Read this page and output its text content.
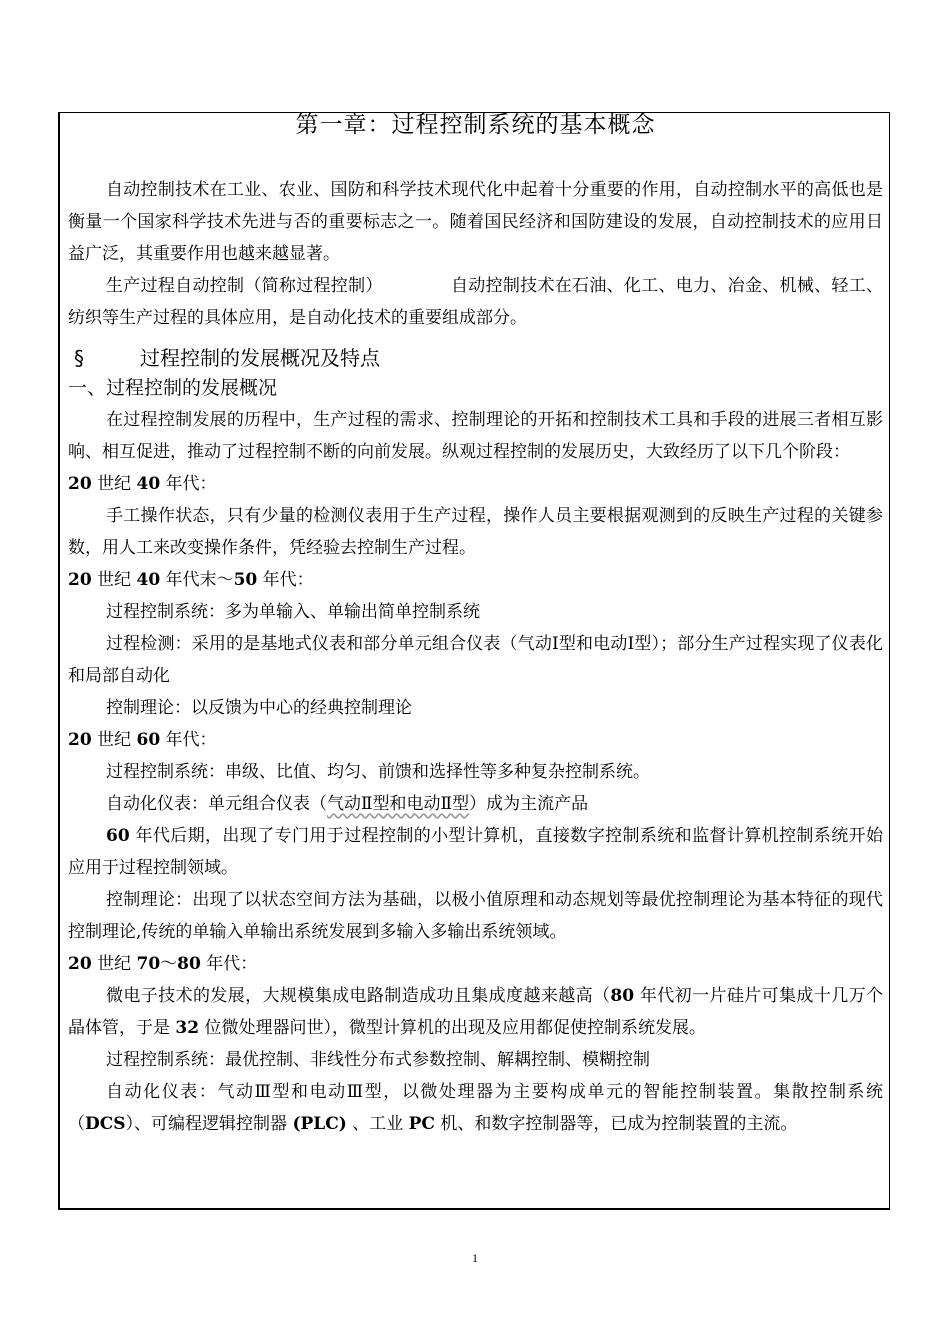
第一章：过程控制系统的基本概念

自动控制技术在工业、农业、国防和科学技术现代化中起着十分重要的作用，自动控制水平的高低也是衡量一个国家科学技术先进与否的重要标志之一。随着国民经济和国防建设的发展，自动控制技术的应用日益广泛，其重要作用也越来越显著。

生产过程自动控制（简称过程控制）	自动控制技术在石油、化工、电力、冶金、机械、轻工、纺织等生产过程的具体应用，是自动化技术的重要组成部分。

§	过程控制的发展概况及特点
一、过程控制的发展概况

在过程控制发展的历程中，生产过程的需求、控制理论的开拓和控制技术工具和手段的进展三者相互影响、相互促进，推动了过程控制不断的向前发展。纵观过程控制的发展历史，大致经历了以下几个阶段：

20 世纪 40 年代：

手工操作状态，只有少量的检测仪表用于生产过程，操作人员主要根据观测到的反映生产过程的关键参数，用人工来改变操作条件，凭经验去控制生产过程。

20 世纪 40 年代末～50 年代：

过程控制系统：多为单输入、单输出简单控制系统

过程检测：采用的是基地式仪表和部分单元组合仪表（气动Ⅰ型和电动Ⅰ型）；部分生产过程实现了仪表化和局部自动化

控制理论：以反馈为中心的经典控制理论

20 世纪 60 年代：

过程控制系统：串级、比值、均匀、前馈和选择性等多种复杂控制系统。

自动化仪表：单元组合仪表（气动Ⅱ型和电动Ⅱ型）成为主流产品

60 年代后期，出现了专门用于过程控制的小型计算机，直接数字控制系统和监督计算机控制系统开始应用于过程控制领域。

控制理论：出现了以状态空间方法为基础，以极小值原理和动态规划等最优控制理论为基本特征的现代控制理论,传统的单输入单输出系统发展到多输入多输出系统领域。

20 世纪 70～80 年代：

微电子技术的发展，大规模集成电路制造成功且集成度越来越高（80 年代初一片硅片可集成十几万个晶体管，于是 32 位微处理器问世），微型计算机的出现及应用都促使控制系统发展。

过程控制系统：最优控制、非线性分布式参数控制、解耦控制、模糊控制

自动化仪表：气动Ⅲ型和电动Ⅲ型，以微处理器为主要构成单元的智能控制装置。集散控制系统（DCS）、可编程逻辑控制器 (PLC) 、工业 PC 机、和数字控制器等，已成为控制装置的主流。

1
